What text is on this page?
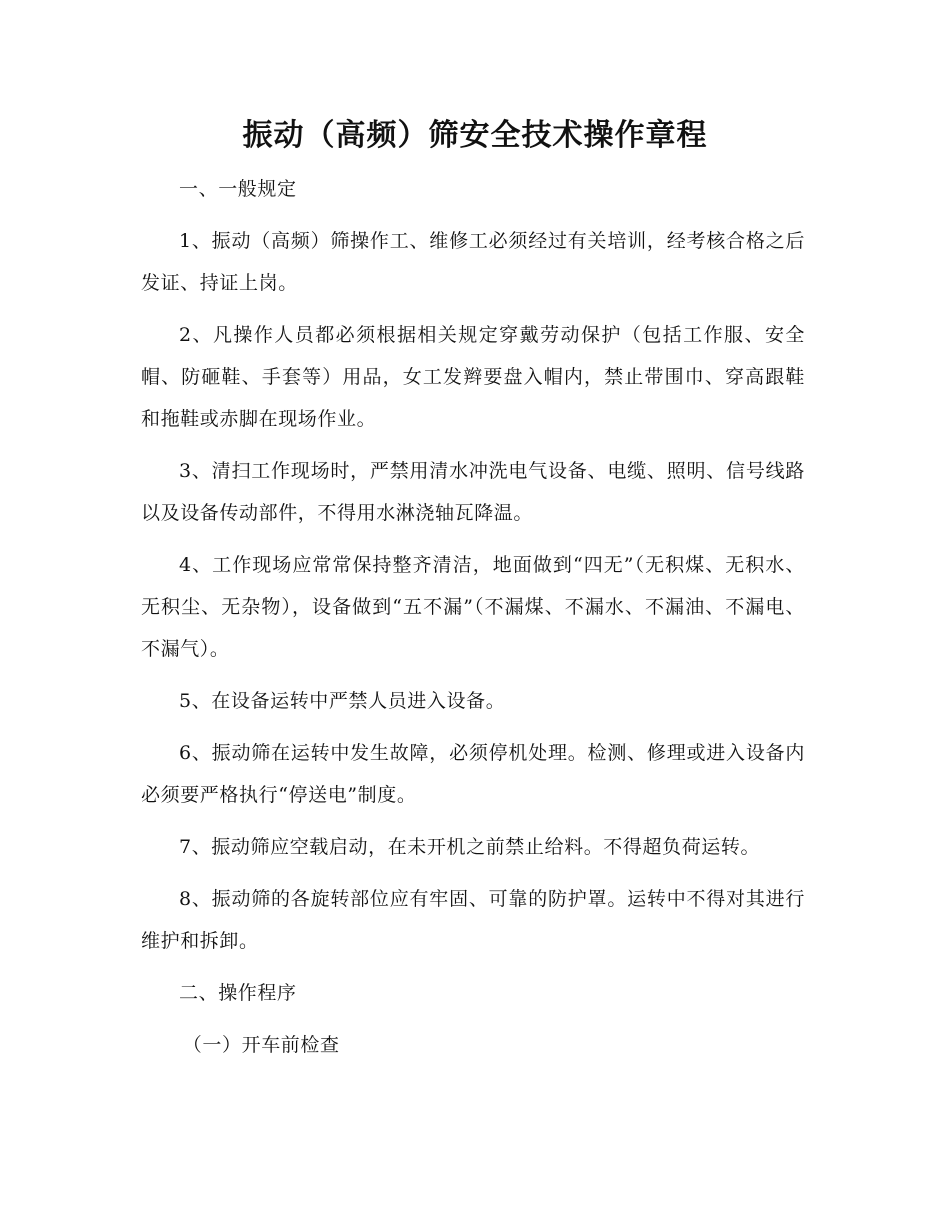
振动（高频）筛安全技术操作章程

一、一般规定

1、振动（高频）筛操作工、维修工必须经过有关培训，经考核合格之后发证、持证上岗。

2、凡操作人员都必须根据相关规定穿戴劳动保护（包括工作服、安全帽、防砸鞋、手套等）用品，女工发辫要盘入帽内，禁止带围巾、穿高跟鞋和拖鞋或赤脚在现场作业。

3、清扫工作现场时，严禁用清水冲洗电气设备、电缆、照明、信号线路以及设备传动部件，不得用水淋浇轴瓦降温。

4、工作现场应常常保持整齐清洁，地面做到“四无”（无积煤、无积水、无积尘、无杂物），设备做到“五不漏”（不漏煤、不漏水、不漏油、不漏电、不漏气）。

5、在设备运转中严禁人员进入设备。

6、振动筛在运转中发生故障，必须停机处理。检测、修理或进入设备内必须要严格执行“停送电”制度。

7、振动筛应空载启动，在未开机之前禁止给料。不得超负荷运转。

8、振动筛的各旋转部位应有牢固、可靠的防护罩。运转中不得对其进行维护和拆卸。

二、操作程序

（一）开车前检查
